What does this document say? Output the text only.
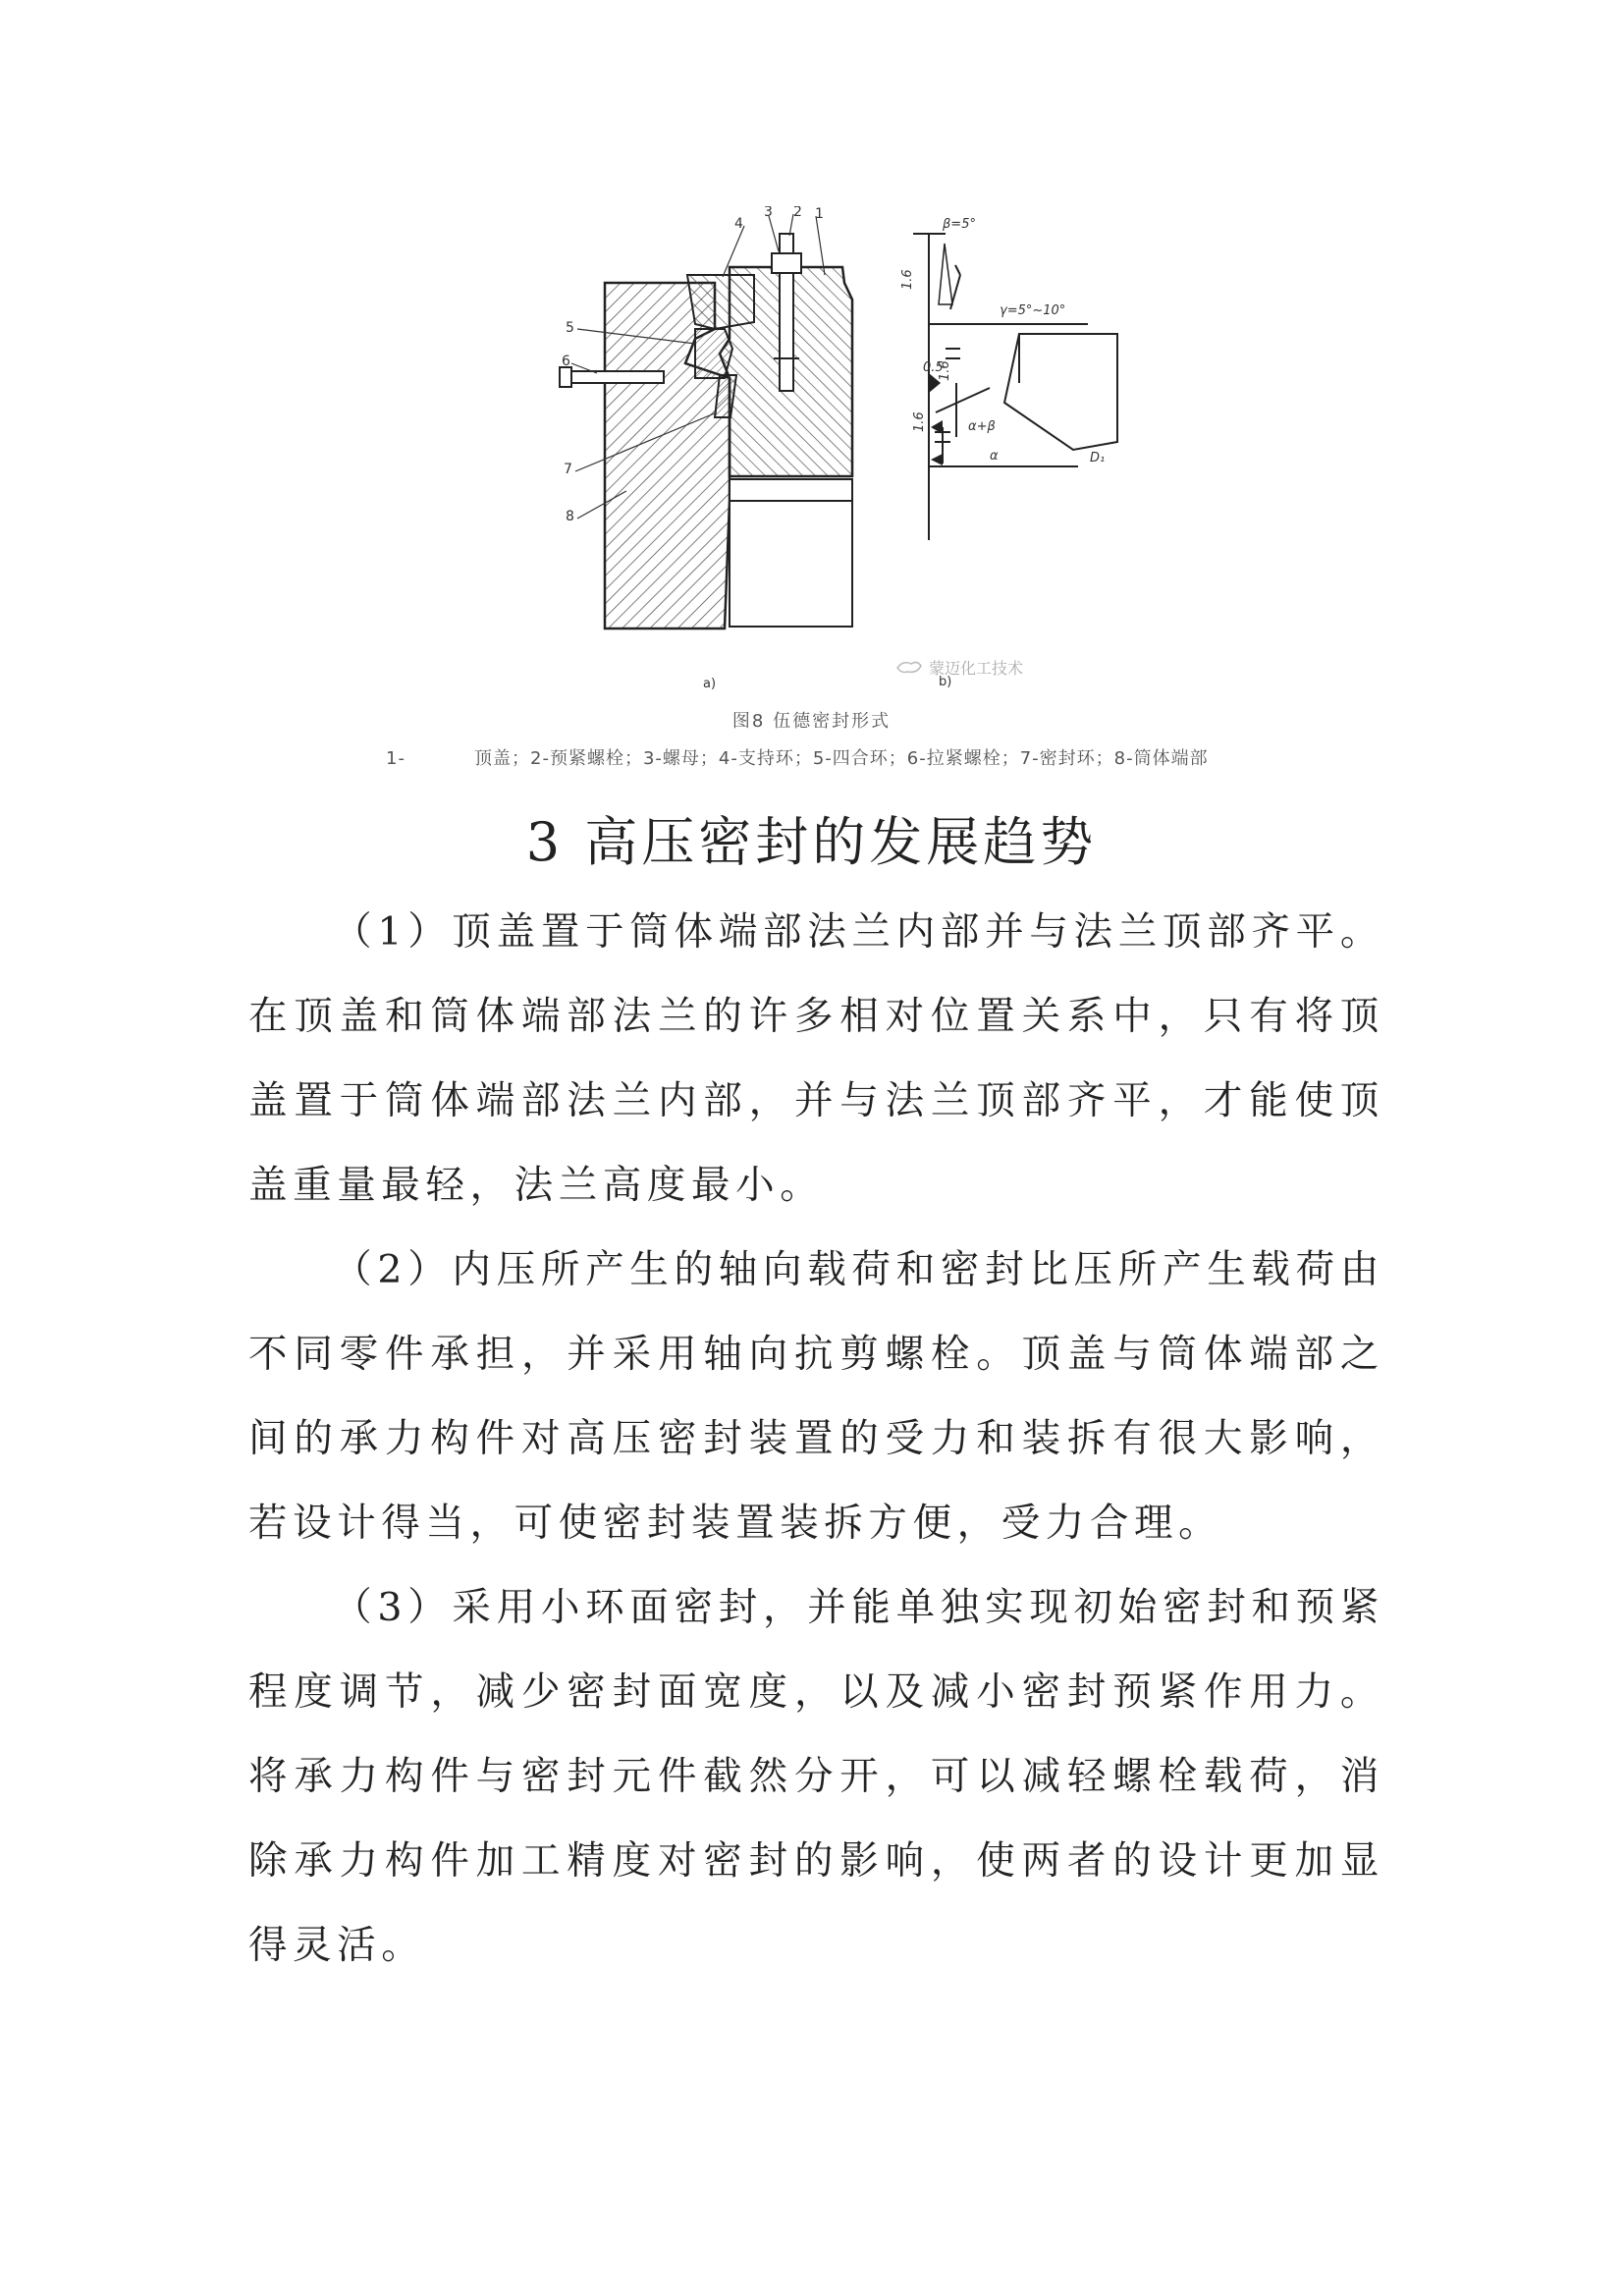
1
2
3
4
5
6
7
8
β=5°
γ=5°~10°
1.6
0.5
1.6
1.6	α+β
α	D₁
a)	b)
蒙迈化工技术
图8 伍德密封形式
1-	顶盖；2-预紧螺栓；3-螺母；4-支持环；5-四合环；6-拉紧螺栓；7-密封环；8-筒体端部
3 高压密封的发展趋势

（1）顶盖置于筒体端部法兰内部并与法兰顶部齐平。在顶盖和筒体端部法兰的许多相对位置关系中，只有将顶盖置于筒体端部法兰内部，并与法兰顶部齐平，才能使顶盖重量最轻，法兰高度最小。

（2）内压所产生的轴向载荷和密封比压所产生载荷由不同零件承担，并采用轴向抗剪螺栓。顶盖与筒体端部之间的承力构件对高压密封装置的受力和装拆有很大影响，若设计得当，可使密封装置装拆方便，受力合理。

（3）采用小环面密封，并能单独实现初始密封和预紧程度调节，减少密封面宽度，以及减小密封预紧作用力。将承力构件与密封元件截然分开，可以减轻螺栓载荷，消除承力构件加工精度对密封的影响，使两者的设计更加显得灵活。
